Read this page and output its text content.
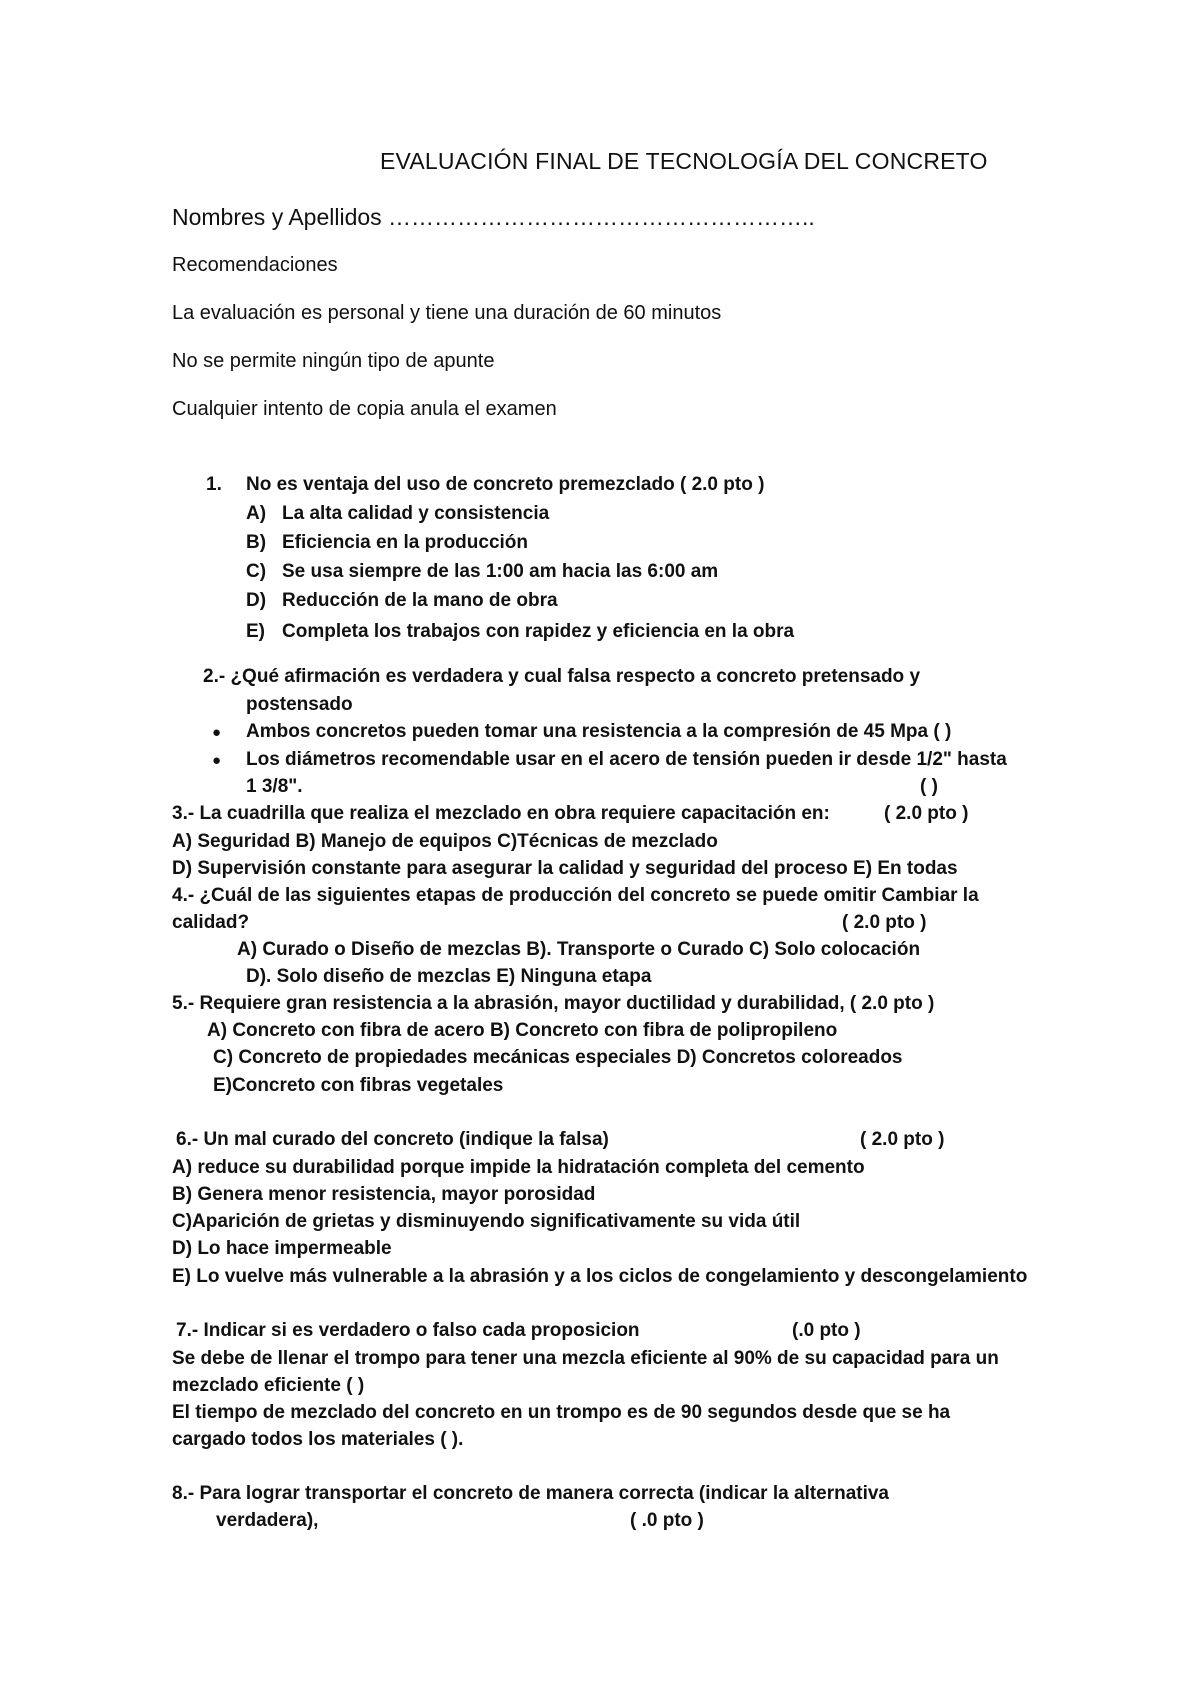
EVALUACIÓN FINAL DE TECNOLOGÍA DEL CONCRETO
Nombres y Apellidos ………………………………………………..
Recomendaciones
La evaluación es personal y tiene una duración de 60 minutos
No se permite ningún tipo de apunte
Cualquier intento de copia anula el examen
1. No es ventaja del uso de concreto premezclado ( 2.0 pto )
A) La alta calidad y consistencia
B) Eficiencia en la producción
C) Se usa siempre de las 1:00 am hacia las 6:00 am
D) Reducción de la mano de obra
E) Completa los trabajos con rapidez y eficiencia en la obra
2.- ¿Qué afirmación es verdadera y cual falsa respecto a concreto pretensado y
postensado
● Ambos concretos pueden tomar una resistencia a la compresión de 45 Mpa ( )
● Los diámetros recomendable usar en el acero de tensión pueden ir desde 1/2" hasta
1 3/8".	( )
3.- La cuadrilla que realiza el mezclado en obra requiere capacitación en:	( 2.0 pto )
A) Seguridad B) Manejo de equipos C)Técnicas de mezclado
D) Supervisión constante para asegurar la calidad y seguridad del proceso E) En todas
4.- ¿Cuál de las siguientes etapas de producción del concreto se puede omitir Cambiar la
calidad?	( 2.0 pto )
A) Curado o Diseño de mezclas B). Transporte o Curado C) Solo colocación
D). Solo diseño de mezclas E) Ninguna etapa
5.- Requiere gran resistencia a la abrasión, mayor ductilidad y durabilidad, ( 2.0 pto )
A) Concreto con fibra de acero B) Concreto con fibra de polipropileno
C) Concreto de propiedades mecánicas especiales D) Concretos coloreados
E)Concreto con fibras vegetales
6.- Un mal curado del concreto (indique la falsa)	( 2.0 pto )
A) reduce su durabilidad porque impide la hidratación completa del cemento
B) Genera menor resistencia, mayor porosidad
C)Aparición de grietas y disminuyendo significativamente su vida útil
D) Lo hace impermeable
E) Lo vuelve más vulnerable a la abrasión y a los ciclos de congelamiento y descongelamiento
7.- Indicar si es verdadero o falso cada proposicion	(.0 pto )
Se debe de llenar el trompo para tener una mezcla eficiente al 90% de su capacidad para un
mezclado eficiente ( )
El tiempo de mezclado del concreto en un trompo es de 90 segundos desde que se ha
cargado todos los materiales ( ).
8.- Para lograr transportar el concreto de manera correcta (indicar la alternativa
verdadera),	( .0 pto )
